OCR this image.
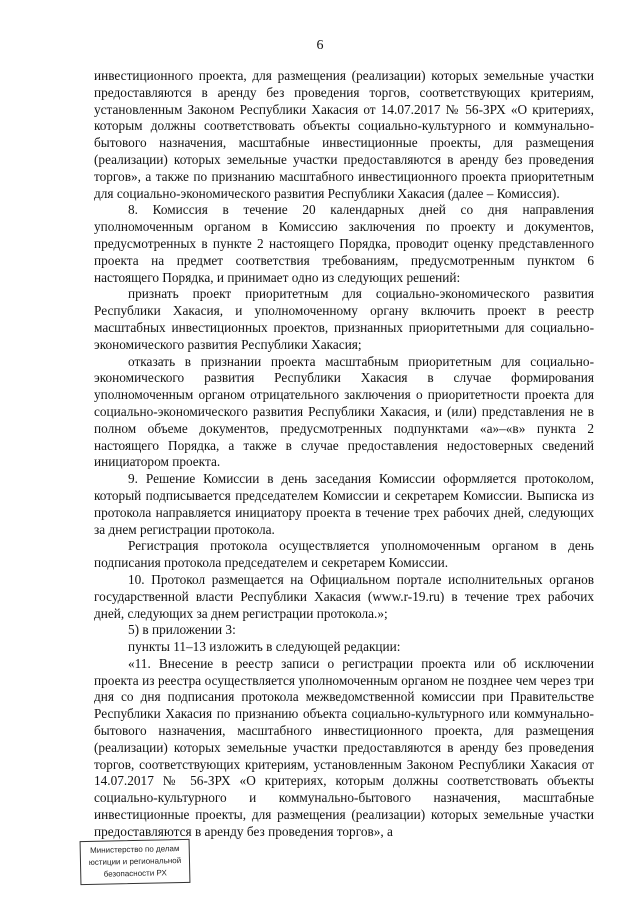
6

инвестиционного проекта, для размещения (реализации) которых земельные участки предоставляются в аренду без проведения торгов, соответствующих критериям, установленным Законом Республики Хакасия от 14.07.2017 № 56-ЗРХ «О критериях, которым должны соответствовать объекты социально-культурного и коммунально-бытового назначения, масштабные инвестиционные проекты, для размещения (реализации) которых земельные участки предоставляются в аренду без проведения торгов», а также по признанию масштабного инвестиционного проекта приоритетным для социально-экономического развития Республики Хакасия (далее – Комиссия).

8. Комиссия в течение 20 календарных дней со дня направления уполномоченным органом в Комиссию заключения по проекту и документов, предусмотренных в пункте 2 настоящего Порядка, проводит оценку представленного проекта на предмет соответствия требованиям, предусмотренным пунктом 6 настоящего Порядка, и принимает одно из следующих решений:

признать проект приоритетным для социально-экономического развития Республики Хакасия, и уполномоченному органу включить проект в реестр масштабных инвестиционных проектов, признанных приоритетными для социально-экономического развития Республики Хакасия;

отказать в признании проекта масштабным приоритетным для социально-экономического развития Республики Хакасия в случае формирования уполномоченным органом отрицательного заключения о приоритетности проекта для социально-экономического развития Республики Хакасия, и (или) представления не в полном объеме документов, предусмотренных подпунктами «а»–«в» пункта 2 настоящего Порядка, а также в случае предоставления недостоверных сведений инициатором проекта.

9. Решение Комиссии в день заседания Комиссии оформляется протоколом, который подписывается председателем Комиссии и секретарем Комиссии. Выписка из протокола направляется инициатору проекта в течение трех рабочих дней, следующих за днем регистрации протокола.

Регистрация протокола осуществляется уполномоченным органом в день подписания протокола председателем и секретарем Комиссии.

10. Протокол размещается на Официальном портале исполнительных органов государственной власти Республики Хакасия (www.r-19.ru) в течение трех рабочих дней, следующих за днем регистрации протокола.»;

5) в приложении 3:

пункты 11–13 изложить в следующей редакции:

«11. Внесение в реестр записи о регистрации проекта или об исключении проекта из реестра осуществляется уполномоченным органом не позднее чем через три дня со дня подписания протокола межведомственной комиссии при Правительстве Республики Хакасия по признанию объекта социально-культурного или коммунально-бытового назначения, масштабного инвестиционного проекта, для размещения (реализации) которых земельные участки предоставляются в аренду без проведения торгов, соответствующих критериям, установленным Законом Республики Хакасия от 14.07.2017 № 56-ЗРХ «О критериях, которым должны соответствовать объекты социально-культурного и коммунально-бытового назначения, масштабные инвестиционные проекты, для размещения (реализации) которых земельные участки предоставляются в аренду без проведения торгов», а

Министерство по делам
юстиции и региональной
безопасности РХ
